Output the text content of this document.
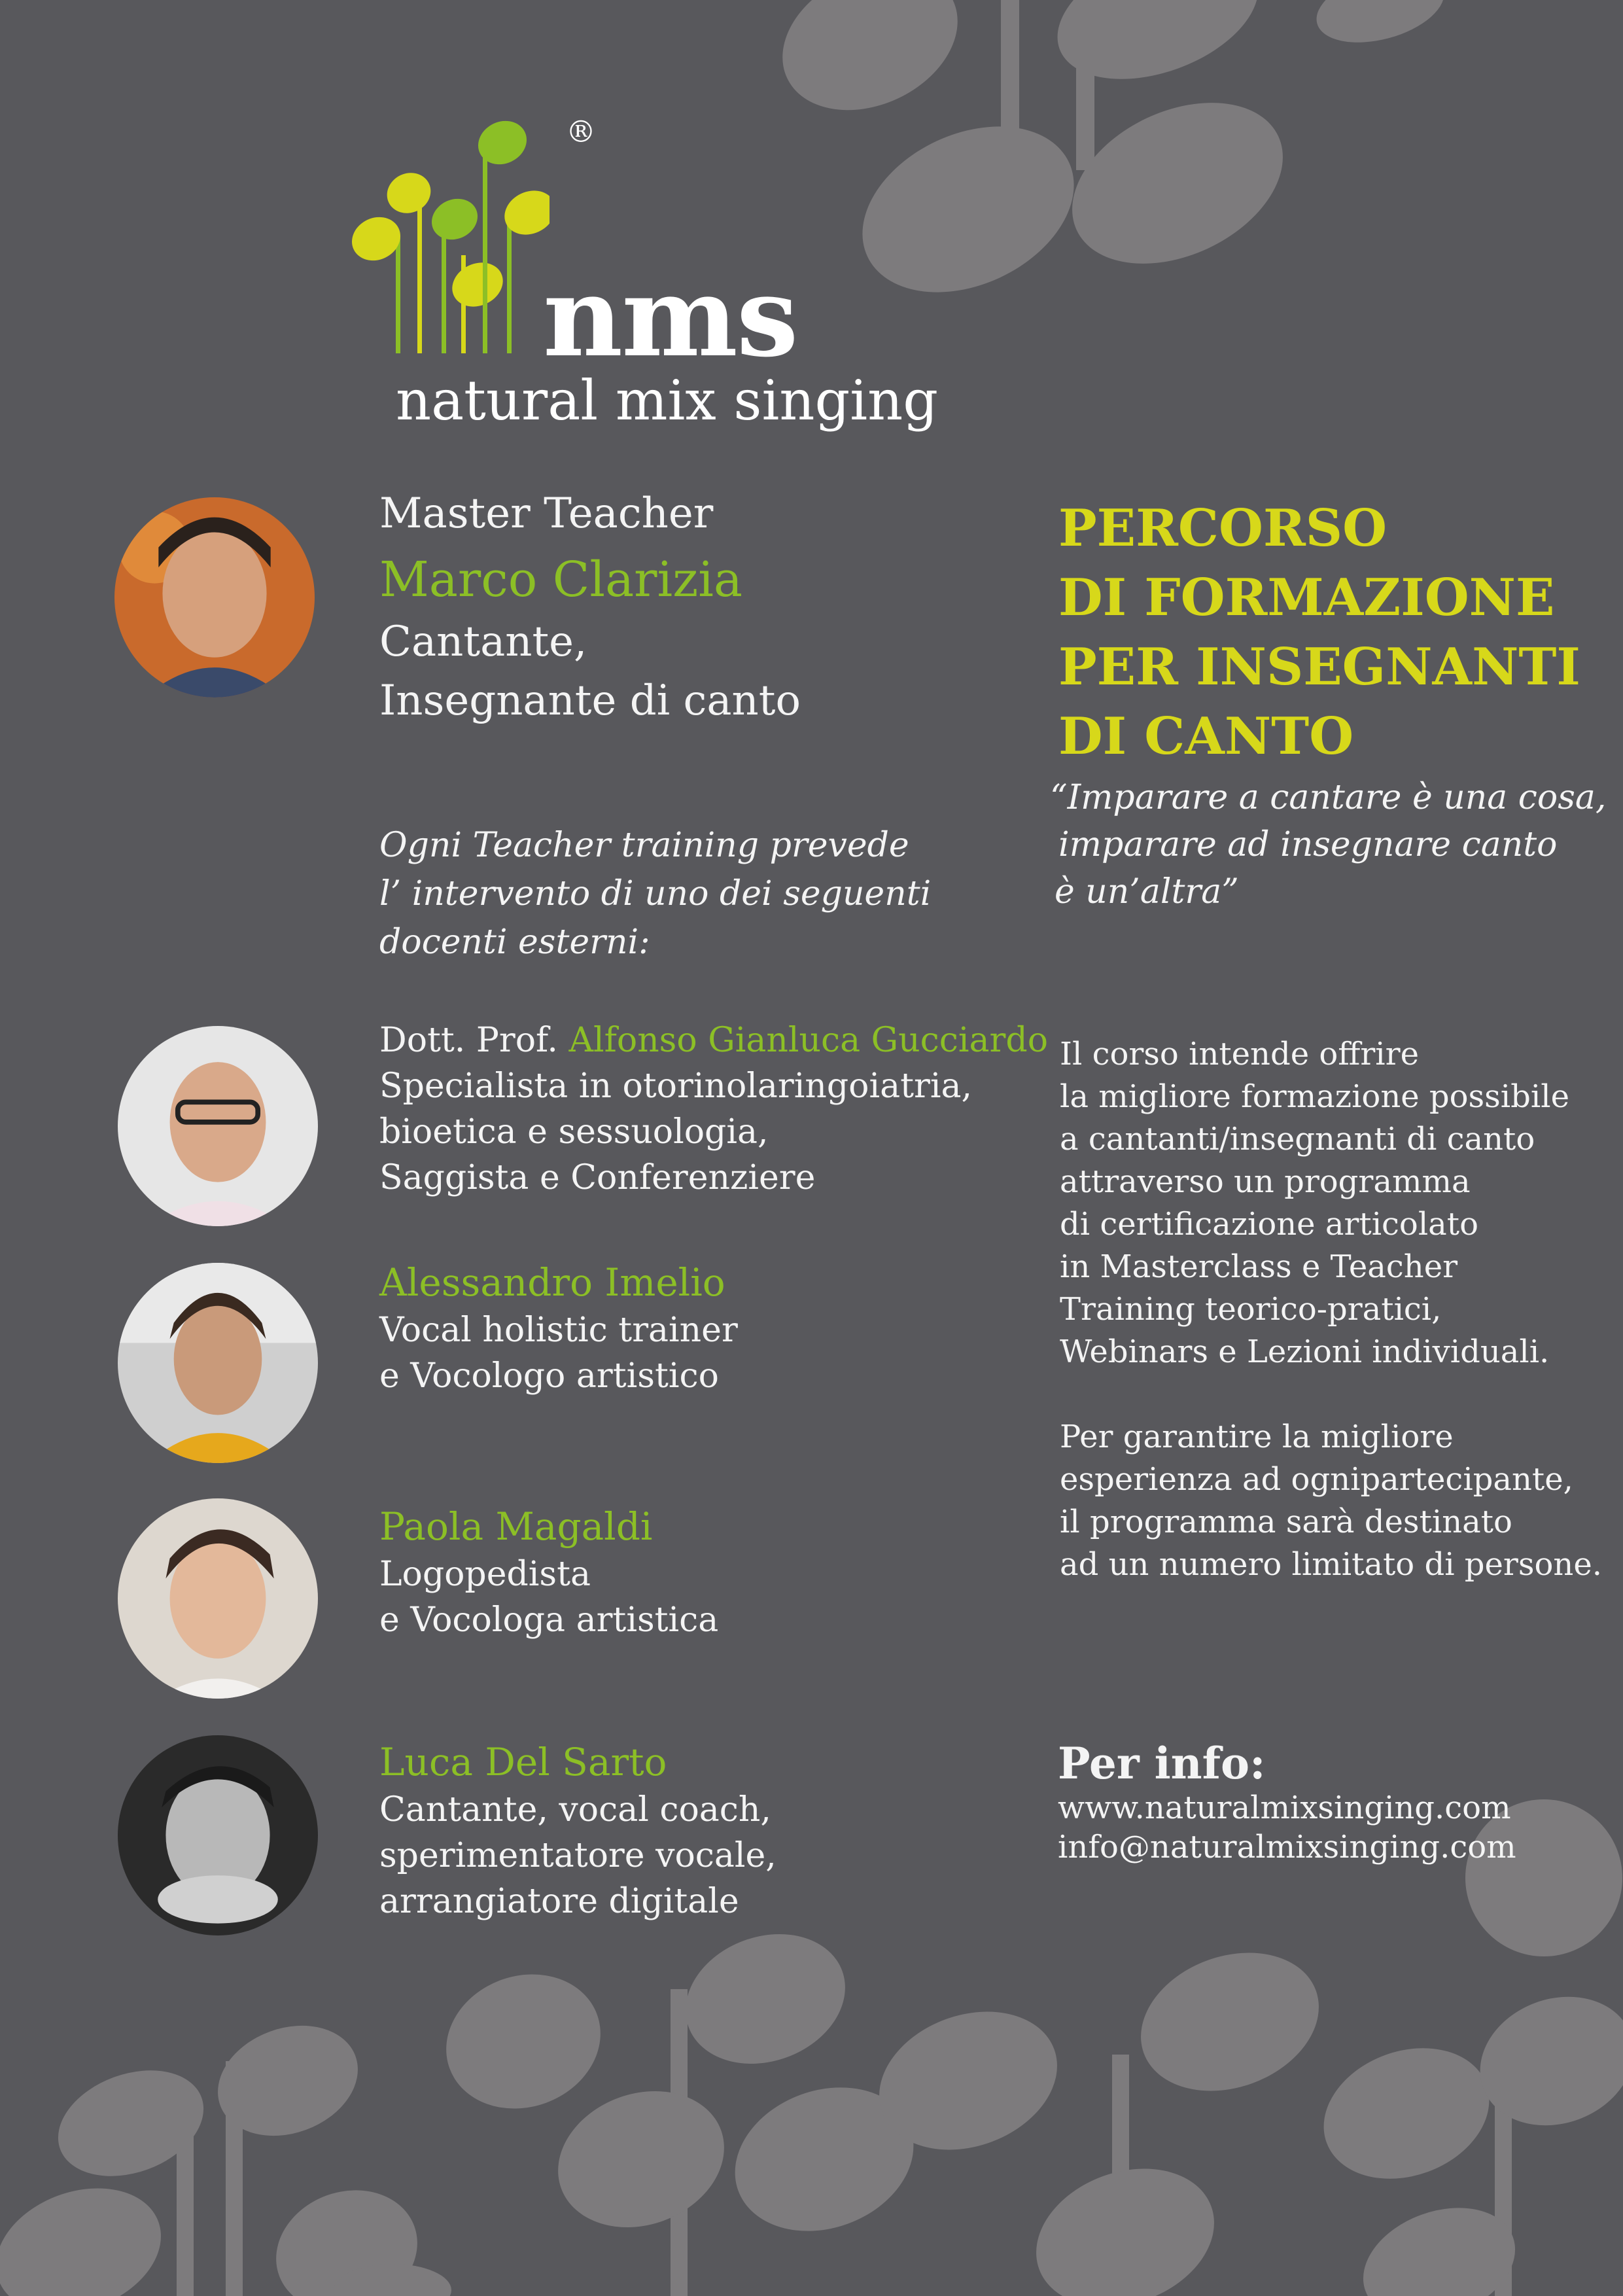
®
nms
natural mix singing
Master Teacher
Marco Clarizia
Cantante,
Insegnante di canto
Ogni Teacher training prevede
l’ intervento di uno dei seguenti
docenti esterni:
Dott. Prof. Alfonso Gianluca Gucciardo
Specialista in otorinolaringoiatria,
bioetica e sessuologia,
Saggista e Conferenziere
Alessandro Imelio
Vocal holistic trainer
e Vocologo artistico
Paola Magaldi
Logopedista
e Vocologa artistica
Luca Del Sarto
Cantante, vocal coach,
sperimentatore vocale,
arrangiatore digitale
PERCORSO
DI FORMAZIONE
PER INSEGNANTI
DI CANTO
“Imparare a cantare è una cosa,
imparare ad insegnare canto
è un’altra”
Il corso intende offrire
la migliore formazione possibile
a cantanti/insegnanti di canto
attraverso un programma
di certificazione articolato
in Masterclass e Teacher
Training teorico-pratici,
Webinars e Lezioni individuali.
Per garantire la migliore
esperienza ad ognipartecipante,
il programma sarà destinato
ad un numero limitato di persone.
Per info:
www.naturalmixsinging.com
info@naturalmixsinging.com
